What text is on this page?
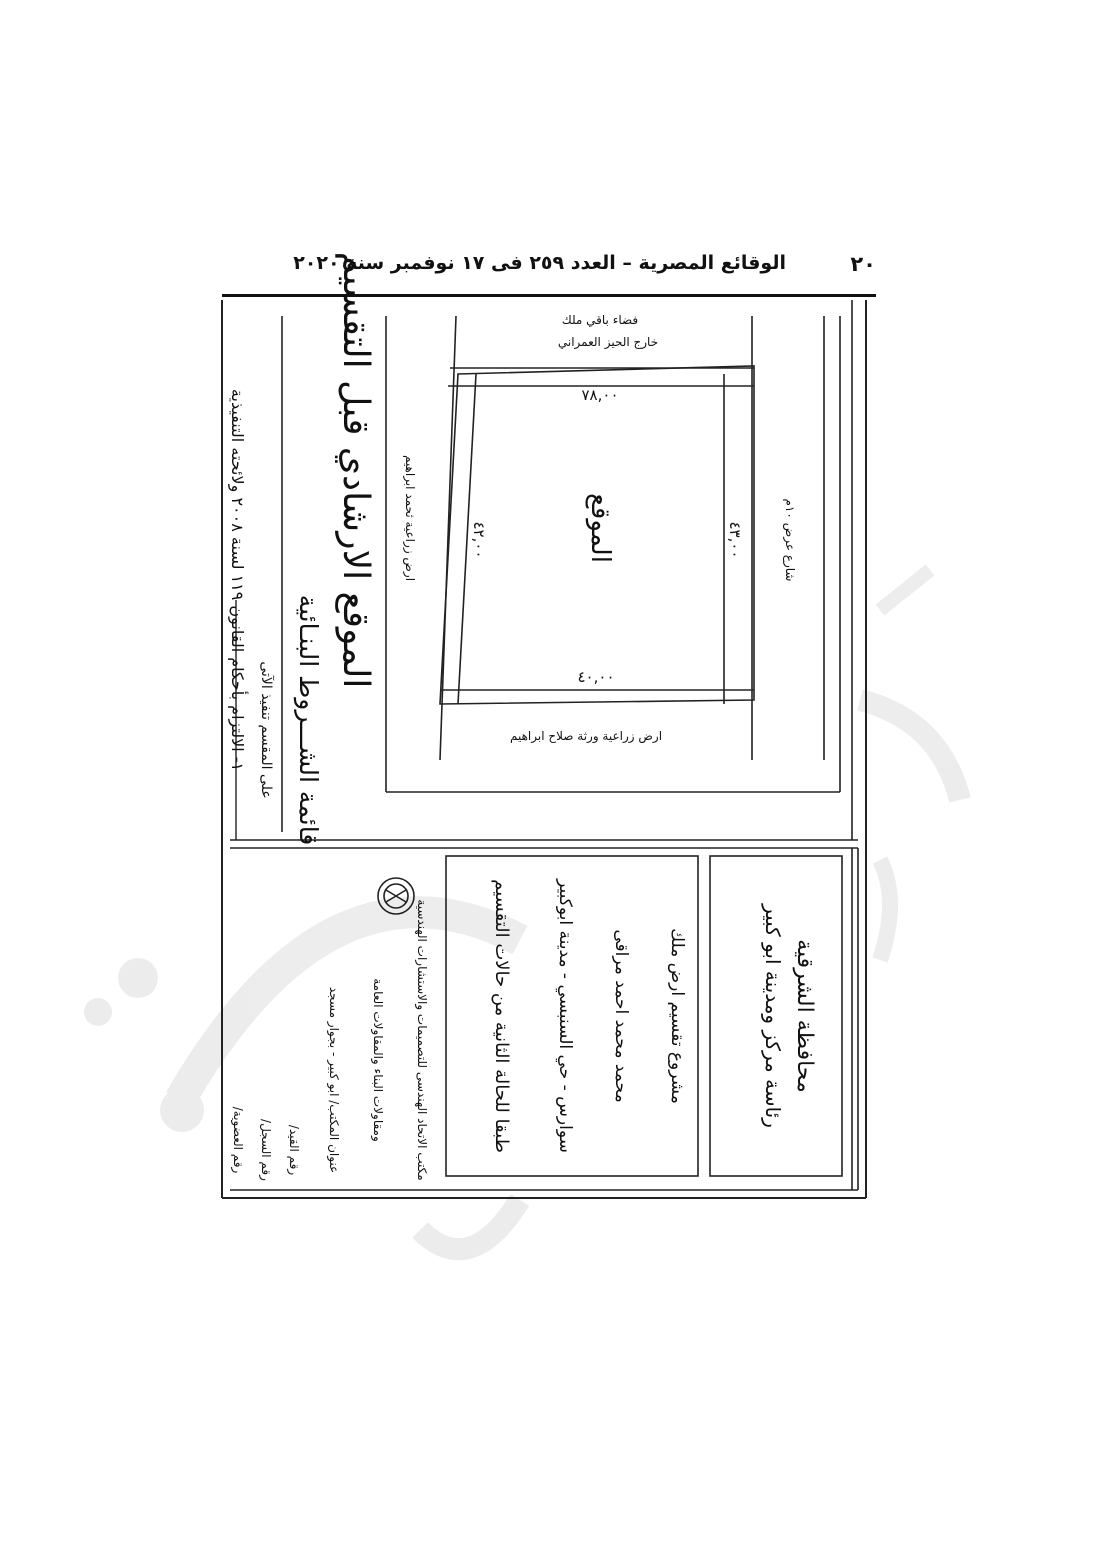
٢٠
الوقائع المصرية – العدد ٢٥٩ فى ١٧ نوفمبر سنة ٢٠٢٠
الموقع الارشادي قبل التقسيم	الموقع
فضاء باقي ملك
خارج الحيز العمراني
شارع عرض ١٠م
ارض زراعية ثحمد ابراهيم
ارض زراعية ورثة صلاح ابراهيم
٧٨,٠٠
٤٣,٠٠
٤٢,٠٠
٤٠,٠٠
قائمة الشـــروط البنـائية
على المقسم تنفيذ الآتى
١- الالتزام بأحكام القانون ١١٩ لسنة ٢٠٠٨ ولائحته التنفيذية
محافظة الشرقية
رئاسة مركز ومدينة ابو كبير
مشروع تقسيم ارض ملك
محمد محمد احمد مراقى
سوارس - حي السنبسي - مدينة ابوكبير
طبقا للحالة الثانية من حالات التقسيم
مكتب الاتحاد الهندسى للتصميمات والاستشارات الهندسية
ومقاولات البناء والمقاولات العامة
عنوان المكتب/ ابو كبير - بجوار مسجد
رقم القيد/
رقم السجل/
رقم العضوية/
